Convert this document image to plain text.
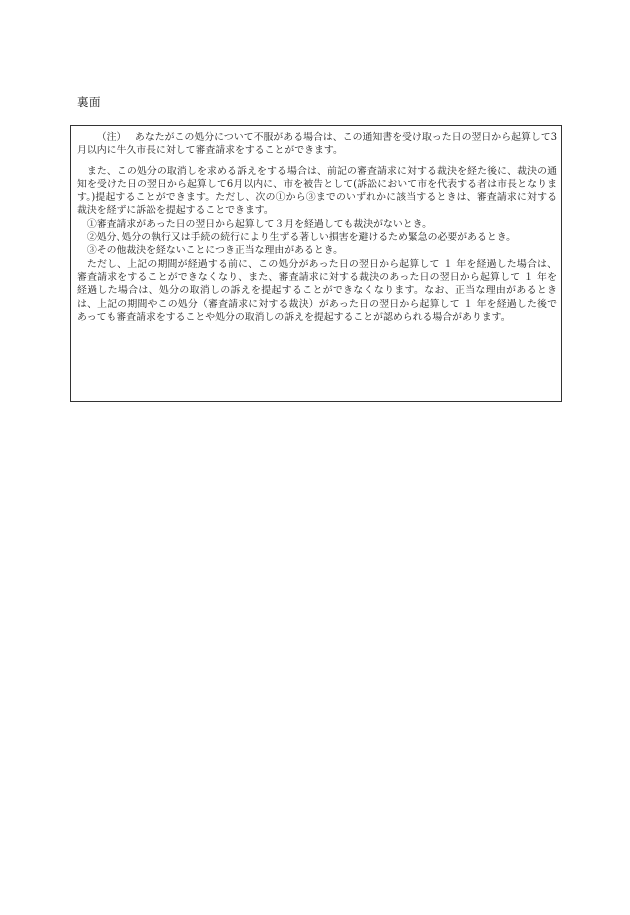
裏面

（注） あなたがこの処分について不服がある場合は、この通知書を受け取った日の翌日から起算して3月以内に牛久市長に対して審査請求をすることができます。

また、この処分の取消しを求める訴えをする場合は、前記の審査請求に対する裁決を経た後に、裁決の通知を受けた日の翌日から起算して6月以内に、市を被告として(訴訟において市を代表する者は市長となります。)提起することができます。ただし、次の①から③までのいずれかに該当するときは、審査請求に対する裁決を経ずに訴訟を提起することできます。

①審査請求があった日の翌日から起算して３月を経過しても裁決がないとき。

②処分､処分の執行又は手続の続行により生ずる著しい損害を避けるため緊急の必要があるとき。

③その他裁決を経ないことにつき正当な理由があるとき。

ただし、上記の期間が経過する前に、この処分があった日の翌日から起算して １ 年を経過した場合は、審査請求をすることができなくなり、また、審査請求に対する裁決のあった日の翌日から起算して １ 年を経過した場合は、処分の取消しの訴えを提起することができなくなります。なお、正当な理由があるときは、上記の期間やこの処分（審査請求に対する裁決）があった日の翌日から起算して １ 年を経過した後であっても審査請求をすることや処分の取消しの訴えを提起することが認められる場合があります。
